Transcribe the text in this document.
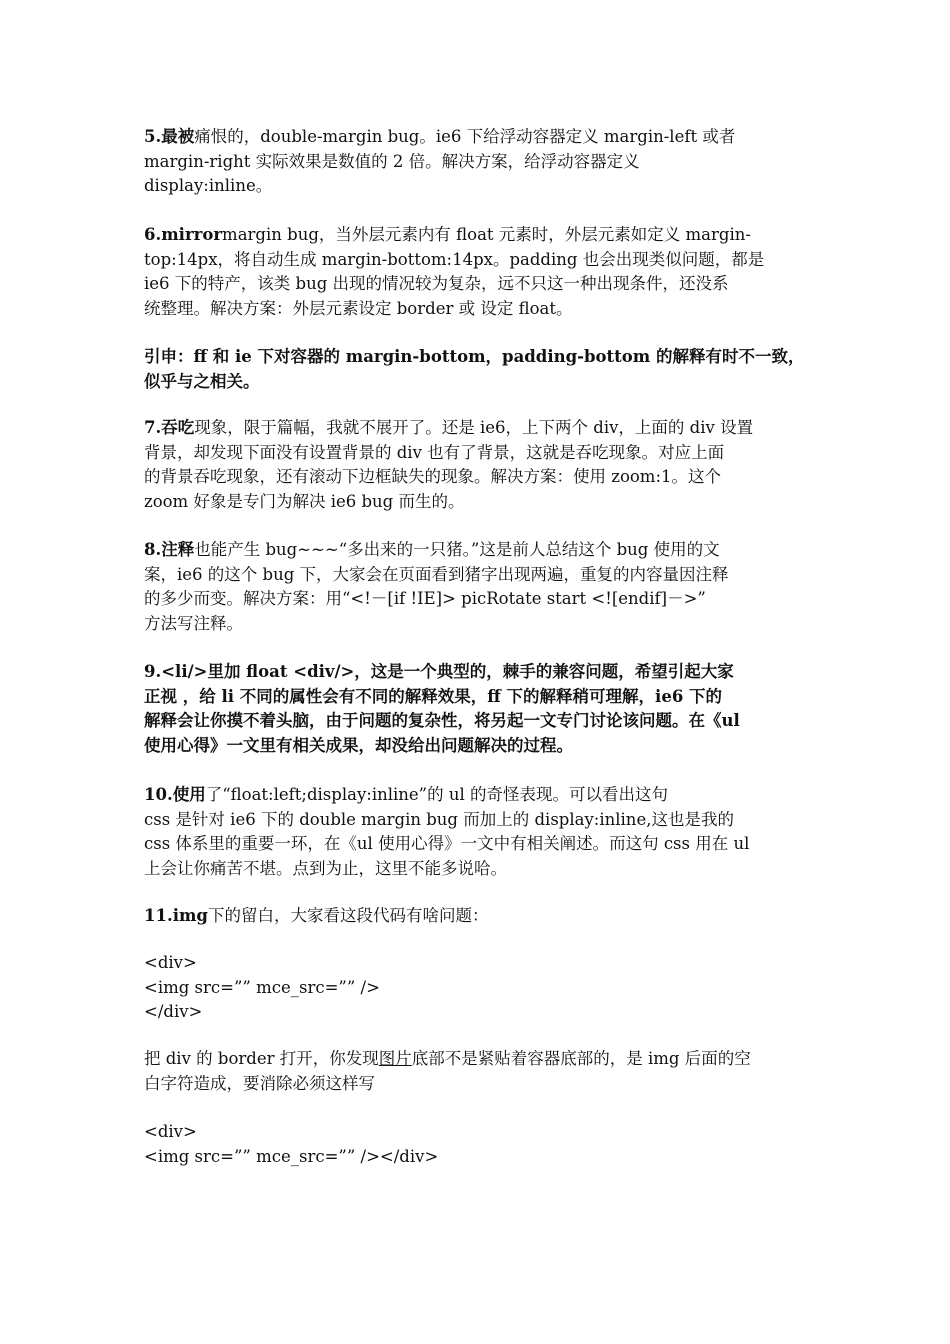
5.最被痛恨的，double-margin bug。ie6 下给浮动容器定义 margin-left 或者
margin-right 实际效果是数值的 2 倍。解决方案，给浮动容器定义
display:inline。

6.mirrormargin bug，当外层元素内有 float 元素时，外层元素如定义 margin-
top:14px，将自动生成 margin-bottom:14px。padding 也会出现类似问题，都是
ie6 下的特产，该类 bug 出现的情况较为复杂，远不只这一种出现条件，还没系
统整理。解决方案：外层元素设定 border 或 设定 float。

引申：ff 和 ie 下对容器的 margin-bottom，padding-bottom 的解释有时不一致，
似乎与之相关。

7.吞吃现象，限于篇幅，我就不展开了。还是 ie6，上下两个 div，上面的 div 设置
背景，却发现下面没有设置背景的 div 也有了背景，这就是吞吃现象。对应上面
的背景吞吃现象，还有滚动下边框缺失的现象。解决方案：使用 zoom:1。这个
zoom 好象是专门为解决 ie6 bug 而生的。

8.注释也能产生 bug~~~“多出来的一只猪。”这是前人总结这个 bug 使用的文
案，ie6 的这个 bug 下，大家会在页面看到猪字出现两遍，重复的内容量因注释
的多少而变。解决方案：用“<!－[if !IE]> picRotate start <![endif]－>”
方法写注释。

9.<li/>里加 float <div/>，这是一个典型的，棘手的兼容问题，希望引起大家
正视 ，给 li 不同的属性会有不同的解释效果，ff 下的解释稍可理解，ie6 下的
解释会让你摸不着头脑，由于问题的复杂性，将另起一文专门讨论该问题。在《ul
使用心得》一文里有相关成果，却没给出问题解决的过程。

10.使用了“float:left;display:inline”的 ul 的奇怪表现。可以看出这句
css 是针对 ie6 下的 double margin bug 而加上的 display:inline,这也是我的
css 体系里的重要一环，在《ul 使用心得》一文中有相关阐述。而这句 css 用在 ul
上会让你痛苦不堪。点到为止，这里不能多说哈。

11.img下的留白，大家看这段代码有啥问题：

<div>
<img src=”” mce_src=”” />
</div>

把 div 的 border 打开，你发现图片底部不是紧贴着容器底部的，是 img 后面的空
白字符造成，要消除必须这样写

<div>
<img src=”” mce_src=”” /></div>
